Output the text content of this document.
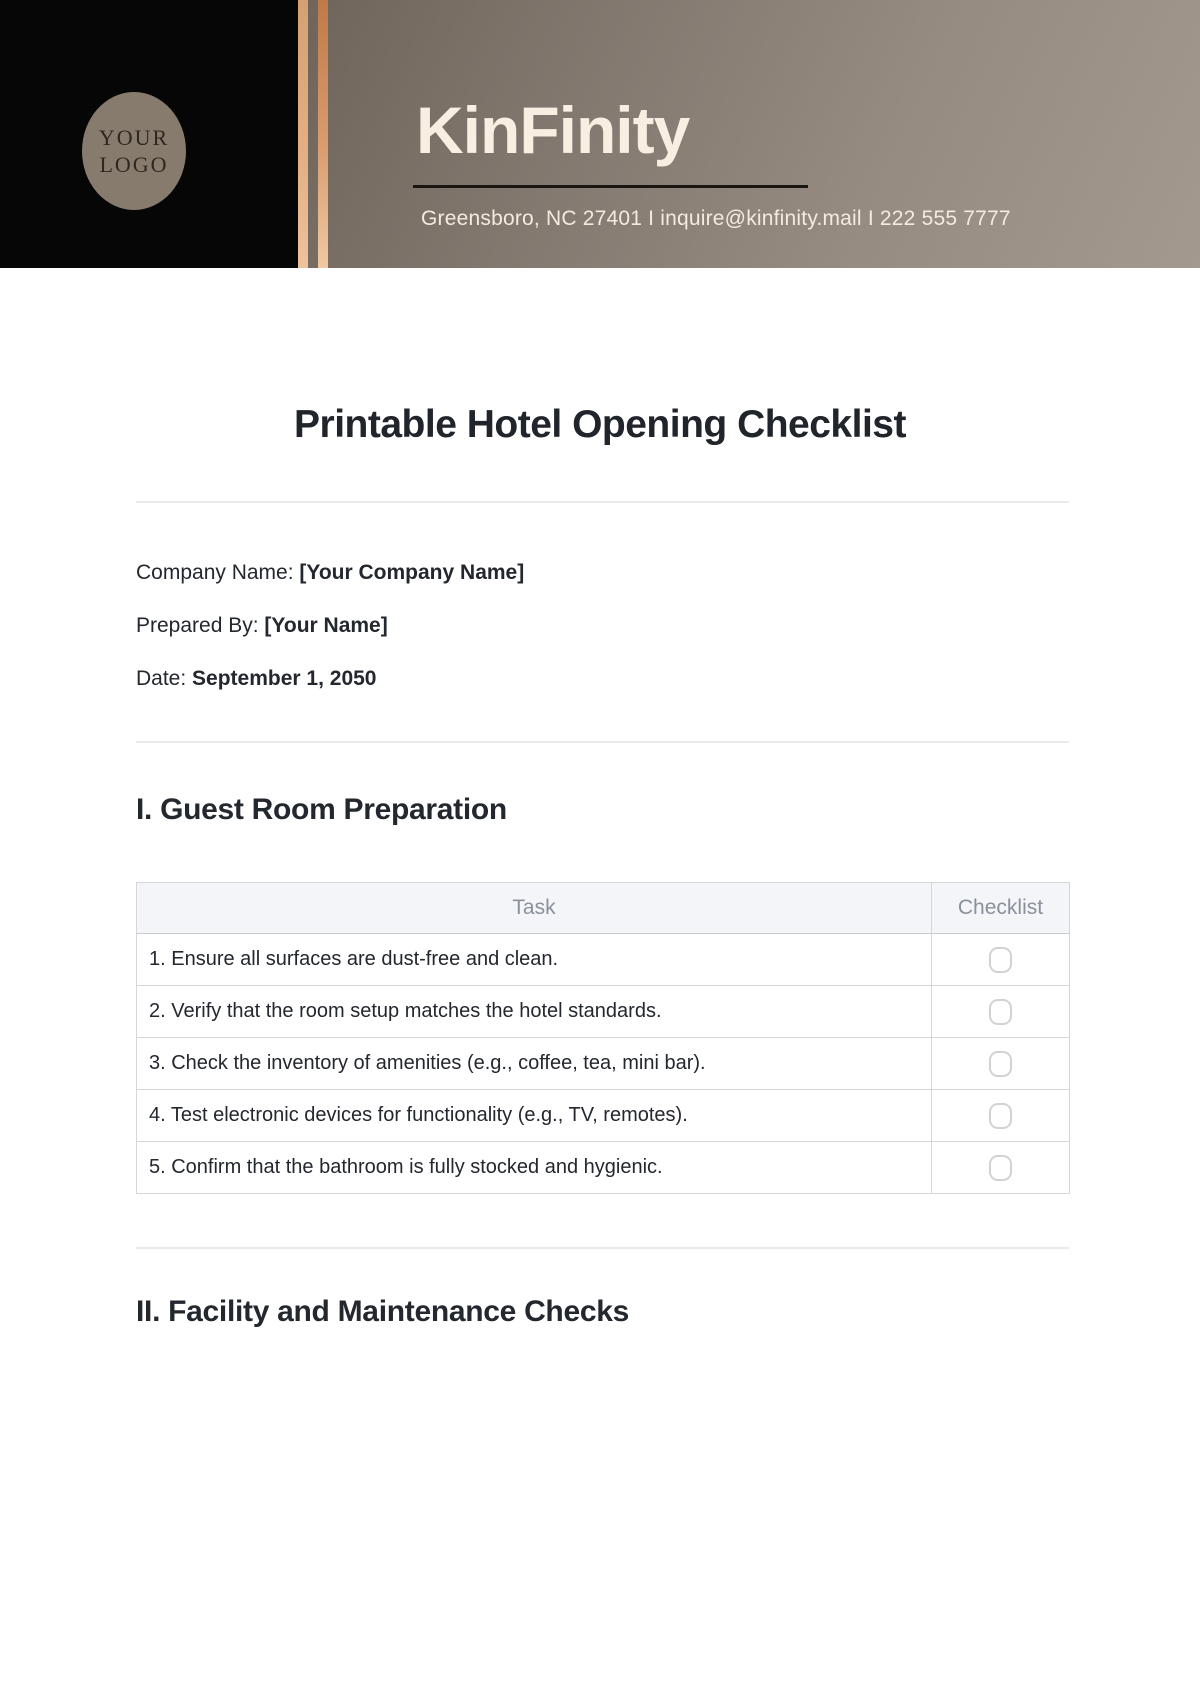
YOUR
LOGO	KinFinity
Greensboro, NC 27401 I inquire@kinfinity.mail I 222 555 7777
Printable Hotel Opening Checklist

Company Name: [Your Company Name]

Prepared By: [Your Name]

Date: September 1, 2050

I. Guest Room Preparation
Task	Checklist
1. Ensure all surfaces are dust-free and clean.	
2. Verify that the room setup matches the hotel standards.	
3. Check the inventory of amenities (e.g., coffee, tea, mini bar).	
4. Test electronic devices for functionality (e.g., TV, remotes).	
5. Confirm that the bathroom is fully stocked and hygienic.	
II. Facility and Maintenance Checks
